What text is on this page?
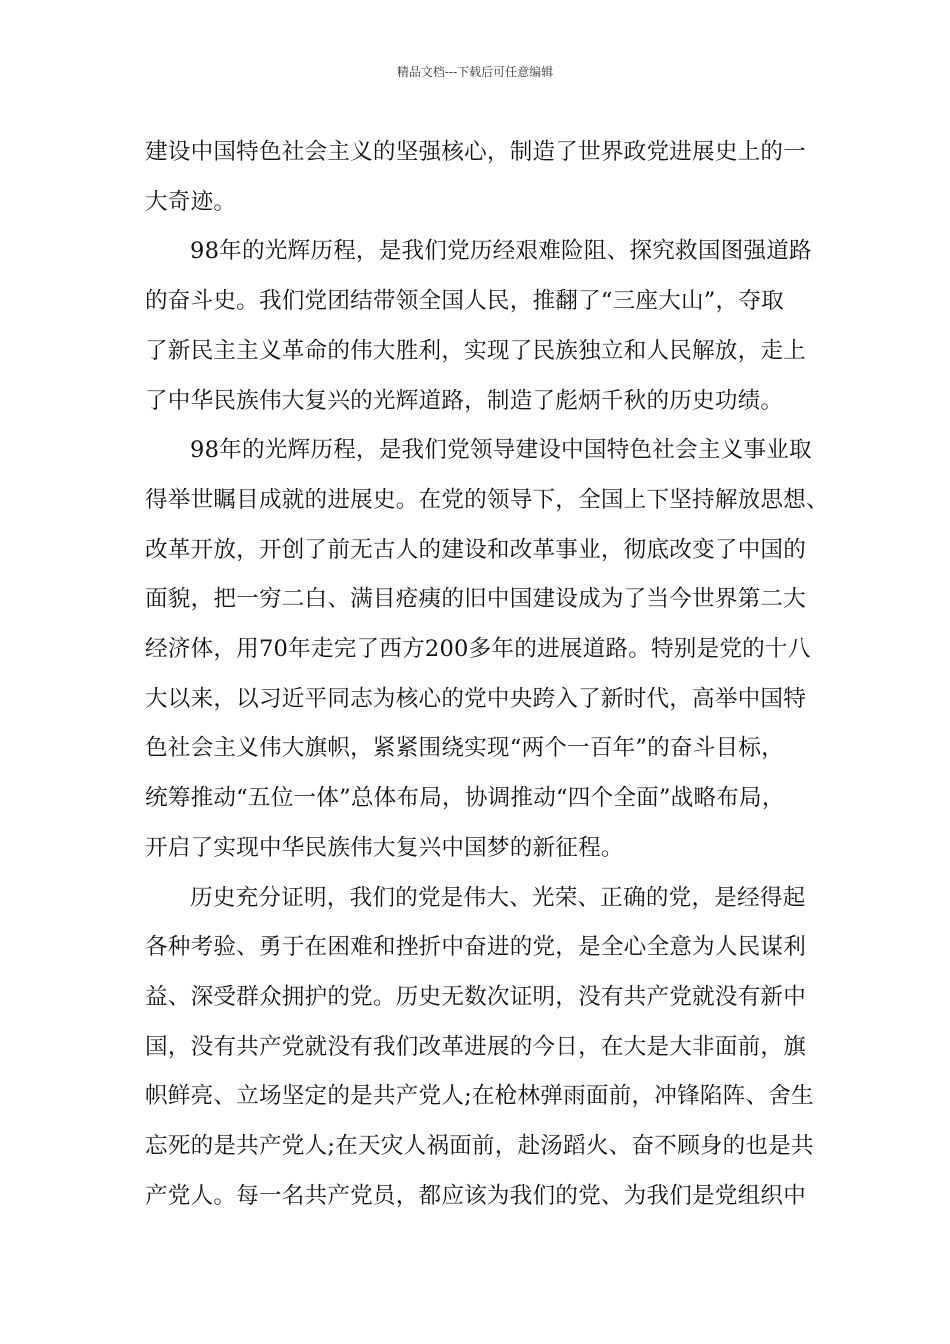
精品文档---下载后可任意编辑

建设中国特色社会主义的坚强核心，制造了世界政党进展史上的一
大奇迹。

98年的光辉历程，是我们党历经艰难险阻、探究救国图强道路
的奋斗史。我们党团结带领全国人民，推翻了“三座大山”，夺取
了新民主主义革命的伟大胜利，实现了民族独立和人民解放，走上
了中华民族伟大复兴的光辉道路，制造了彪炳千秋的历史功绩。

98年的光辉历程，是我们党领导建设中国特色社会主义事业取
得举世瞩目成就的进展史。在党的领导下，全国上下坚持解放思想、
改革开放，开创了前无古人的建设和改革事业，彻底改变了中国的
面貌，把一穷二白、满目疮痍的旧中国建设成为了当今世界第二大
经济体，用70年走完了西方200多年的进展道路。特别是党的十八
大以来，以习近平同志为核心的党中央跨入了新时代，高举中国特
色社会主义伟大旗帜，紧紧围绕实现“两个一百年”的奋斗目标，
统筹推动“五位一体”总体布局，协调推动“四个全面”战略布局，
开启了实现中华民族伟大复兴中国梦的新征程。

历史充分证明，我们的党是伟大、光荣、正确的党，是经得起
各种考验、勇于在困难和挫折中奋进的党，是全心全意为人民谋利
益、深受群众拥护的党。历史无数次证明，没有共产党就没有新中
国，没有共产党就没有我们改革进展的今日，在大是大非面前，旗
帜鲜亮、立场坚定的是共产党人;在枪林弹雨面前，冲锋陷阵、舍生
忘死的是共产党人;在天灾人祸面前，赴汤蹈火、奋不顾身的也是共
产党人。每一名共产党员，都应该为我们的党、为我们是党组织中
